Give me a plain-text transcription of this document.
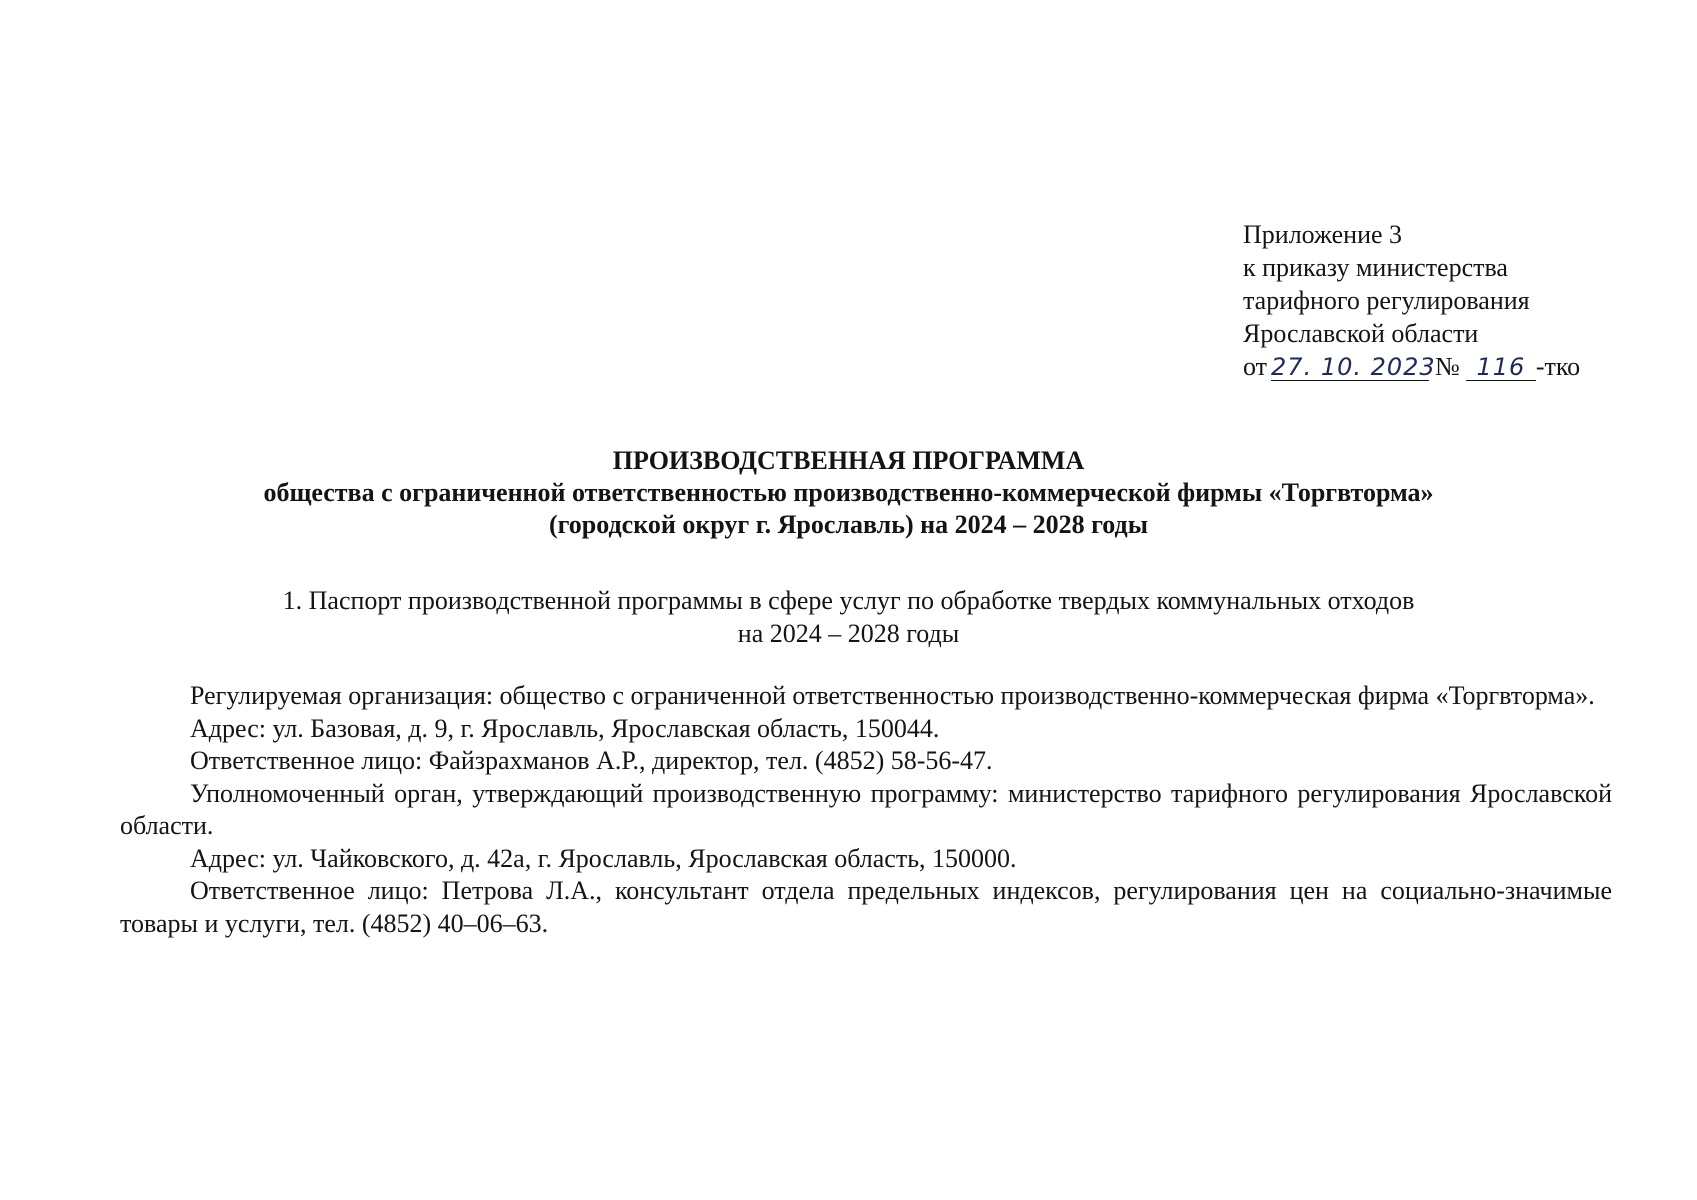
Приложение 3
к приказу министерства
тарифного регулирования
Ярославской области
от 27. 10. 2023№ 116 -тко
ПРОИЗВОДСТВЕННАЯ ПРОГРАММА
общества с ограниченной ответственностью производственно-коммерческой фирмы «Торгвторма»
(городской округ г. Ярославль) на 2024 – 2028 годы
1. Паспорт производственной программы в сфере услуг по обработке твердых коммунальных отходов
на 2024 – 2028 годы

Регулируемая организация: общество с ограниченной ответственностью производственно-коммерческая фирма «Торгвторма».

Адрес: ул. Базовая, д. 9, г. Ярославль, Ярославская область, 150044.

Ответственное лицо: Файзрахманов А.Р., директор, тел. (4852) 58-56-47.

Уполномоченный орган, утверждающий производственную программу: министерство тарифного регулирования Ярославской области.

Адрес: ул. Чайковского, д. 42а, г. Ярославль, Ярославская область, 150000.

Ответственное лицо: Петрова Л.А., консультант отдела предельных индексов, регулирования цен на социально-значимые товары и услуги, тел. (4852) 40–06–63.
